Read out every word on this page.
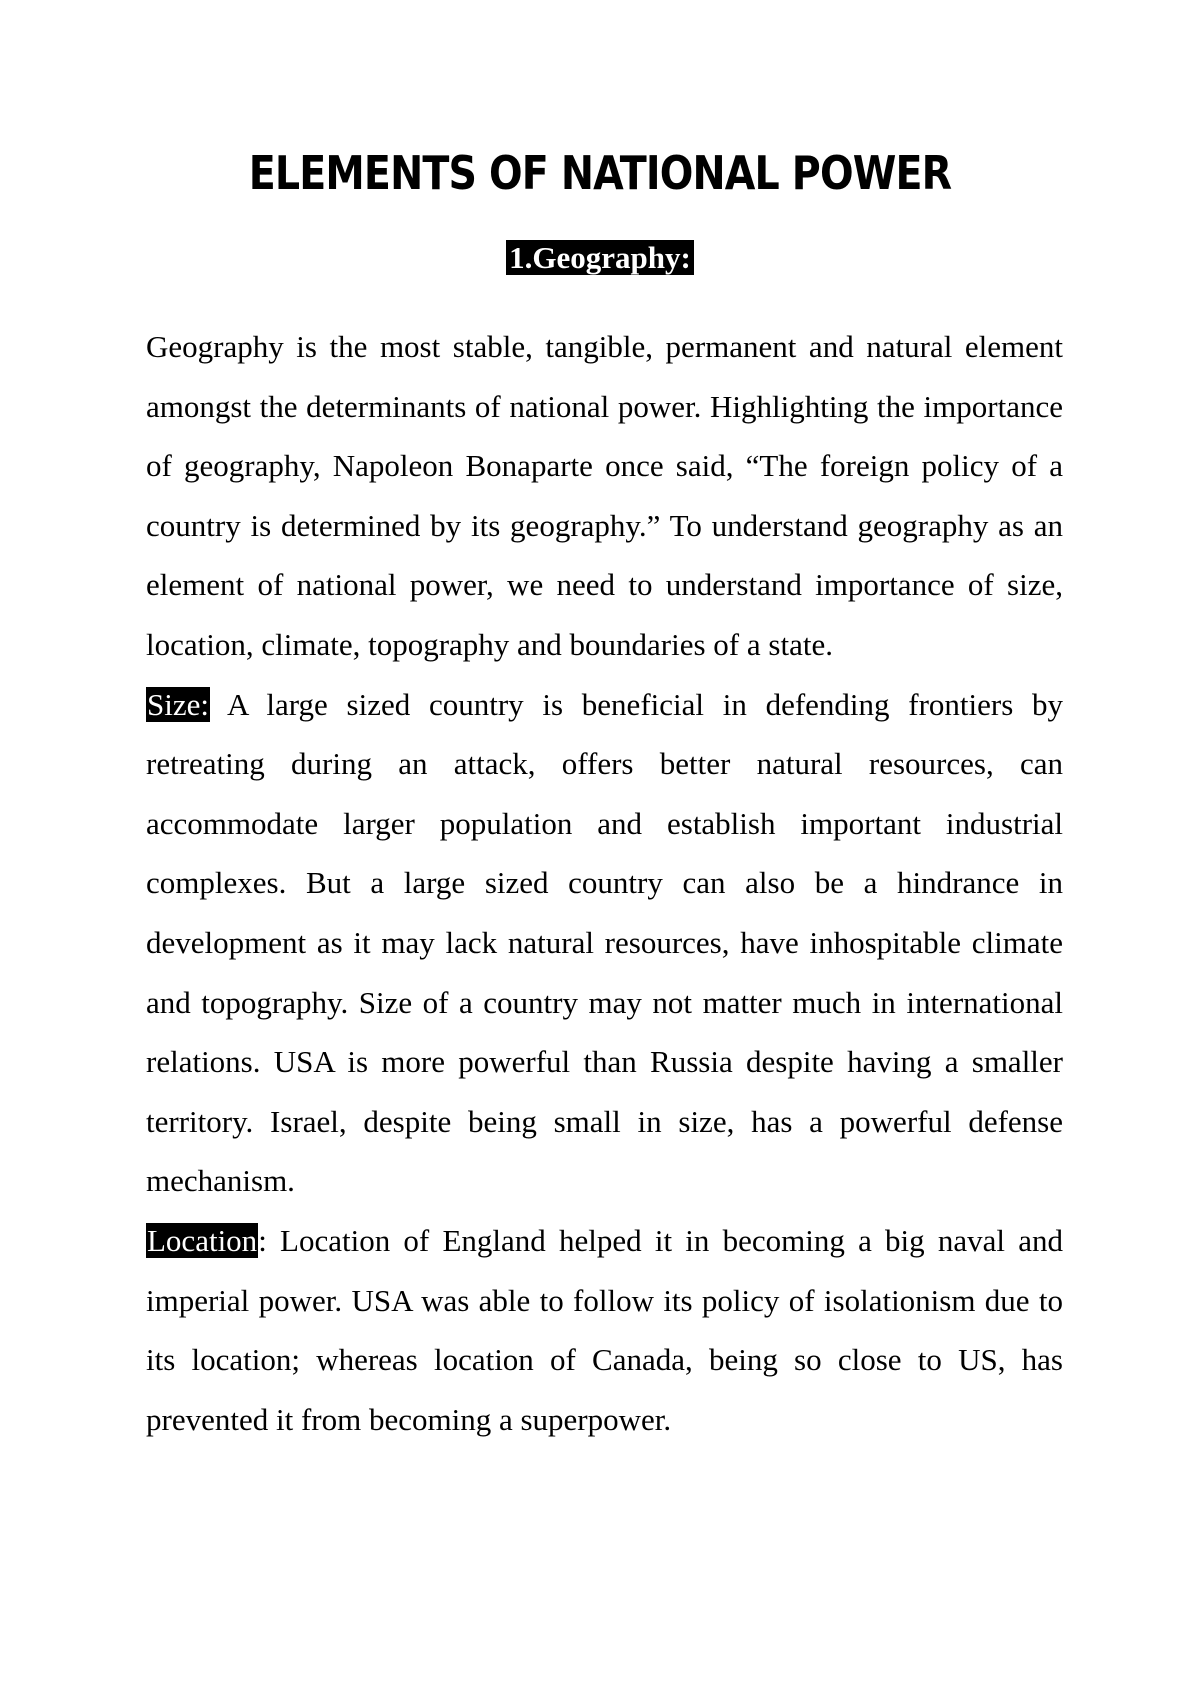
ELEMENTS OF NATIONAL POWER
1.Geography:

Geography is the most stable, tangible, permanent and natural element amongst the determinants of national power. Highlighting the importance of geography, Napoleon Bonaparte once said, “The foreign policy of a country is determined by its geography.” To understand geography as an element of national power, we need to understand importance of size, location, climate, topography and boundaries of a state.

Size: A large sized country is beneficial in defending frontiers by retreating during an attack, offers better natural resources, can accommodate larger population and establish important industrial complexes. But a large sized country can also be a hindrance in development as it may lack natural resources, have inhospitable climate and topography. Size of a country may not matter much in international relations. USA is more powerful than Russia despite having a smaller territory. Israel, despite being small in size, has a powerful defense mechanism.

Location: Location of England helped it in becoming a big naval and imperial power. USA was able to follow its policy of isolationism due to its location; whereas location of Canada, being so close to US, has prevented it from becoming a superpower.
